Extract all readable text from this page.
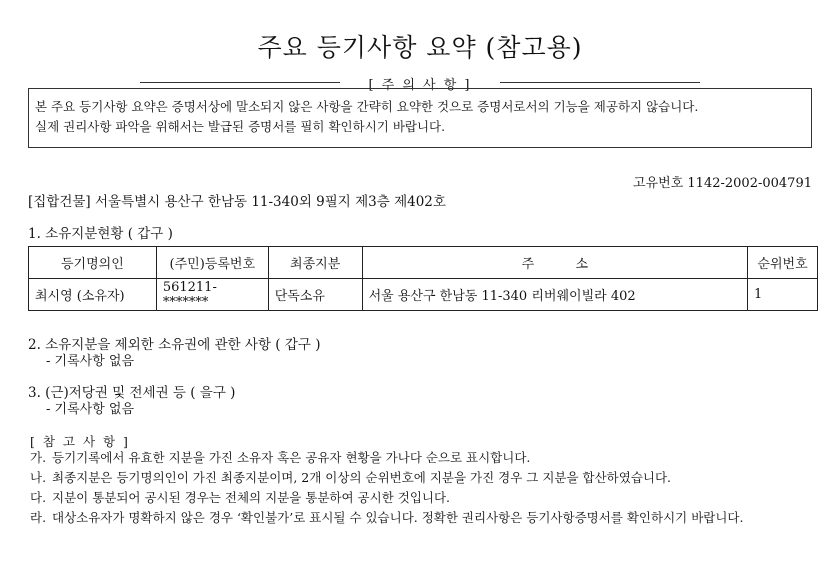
주요 등기사항 요약 (참고용)
[ 주 의 사 항 ]
본 주요 등기사항 요약은 증명서상에 말소되지 않은 사항을 간략히 요약한 것으로 증명서로서의 기능을 제공하지 않습니다.
실제 권리사항 파악을 위해서는 발급된 증명서를 필히 확인하시기 바랍니다.
고유번호 1142-2002-004791
[집합건물] 서울특별시 용산구 한남동 11-340외 9필지 제3층 제402호
1. 소유지분현황 ( 갑구 )
등기명의인	(주민)등록번호	최종지분	주          소	순위번호
최시영 (소유자)	561211-*******	단독소유	서울 용산구 한남동 11-340 리버웨이빌라 402	1
2. 소유지분을 제외한 소유권에 관한 사항 ( 갑구 )
- 기록사항 없음
3. (근)저당권 및 전세권 등 ( 을구 )
- 기록사항 없음
[ 참 고 사 항 ]
가. 등기기록에서 유효한 지분을 가진 소유자 혹은 공유자 현황을 가나다 순으로 표시합니다.
나. 최종지분은 등기명의인이 가진 최종지분이며, 2개 이상의 순위번호에 지분을 가진 경우 그 지분을 합산하였습니다.
다. 지분이 통분되어 공시된 경우는 전체의 지분을 통분하여 공시한 것입니다.
라. 대상소유자가 명확하지 않은 경우 ‘확인불가’로 표시될 수 있습니다. 정확한 권리사항은 등기사항증명서를 확인하시기 바랍니다.
